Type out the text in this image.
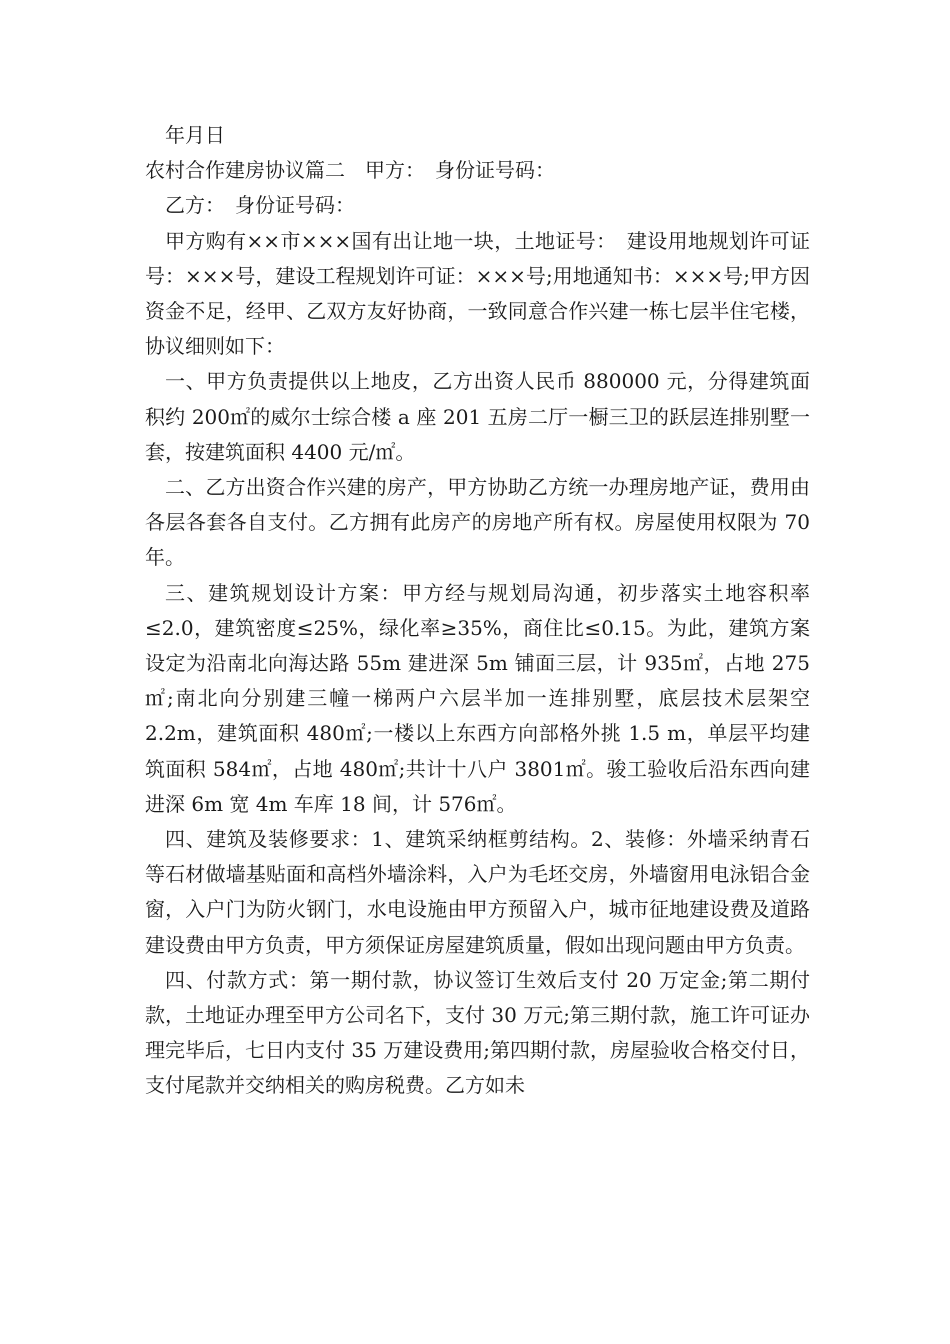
年月日

农村合作建房协议篇二　甲方：　身份证号码：

乙方：　身份证号码：

甲方购有××市×××国有出让地一块，土地证号：　建设用地规划许可证号：×××号，建设工程规划许可证：×××号;用地通知书：×××号;甲方因资金不足，经甲、乙双方友好协商，一致同意合作兴建一栋七层半住宅楼，协议细则如下：

一、甲方负责提供以上地皮，乙方出资人民币 880000 元，分得建筑面积约 200㎡的威尔士综合楼 a 座 201 五房二厅一橱三卫的跃层连排别墅一套，按建筑面积 4400 元/㎡。

二、乙方出资合作兴建的房产，甲方协助乙方统一办理房地产证，费用由各层各套各自支付。乙方拥有此房产的房地产所有权。房屋使用权限为 70 年。

三、建筑规划设计方案：甲方经与规划局沟通，初步落实土地容积率≤2.0，建筑密度≤25%，绿化率≥35%，商住比≤0.15。为此，建筑方案设定为沿南北向海达路 55m 建进深 5m 铺面三层，计 935㎡，占地 275㎡;南北向分别建三幢一梯两户六层半加一连排别墅，底层技术层架空 2.2m，建筑面积 480㎡;一楼以上东西方向部格外挑 1.5 m，单层平均建筑面积 584㎡，占地 480㎡;共计十八户 3801㎡。骏工验收后沿东西向建进深 6m 宽 4m 车库 18 间，计 576㎡。

四、建筑及装修要求：1、建筑采纳框剪结构。2、装修：外墙采纳青石等石材做墙基贴面和高档外墙涂料，入户为毛坯交房，外墙窗用电泳铝合金窗，入户门为防火钢门，水电设施由甲方预留入户，城市征地建设费及道路建设费由甲方负责，甲方须保证房屋建筑质量，假如出现问题由甲方负责。

四、付款方式：第一期付款，协议签订生效后支付 20 万定金;第二期付款，土地证办理至甲方公司名下，支付 30 万元;第三期付款，施工许可证办理完毕后，七日内支付 35 万建设费用;第四期付款，房屋验收合格交付日，支付尾款并交纳相关的购房税费。乙方如未
